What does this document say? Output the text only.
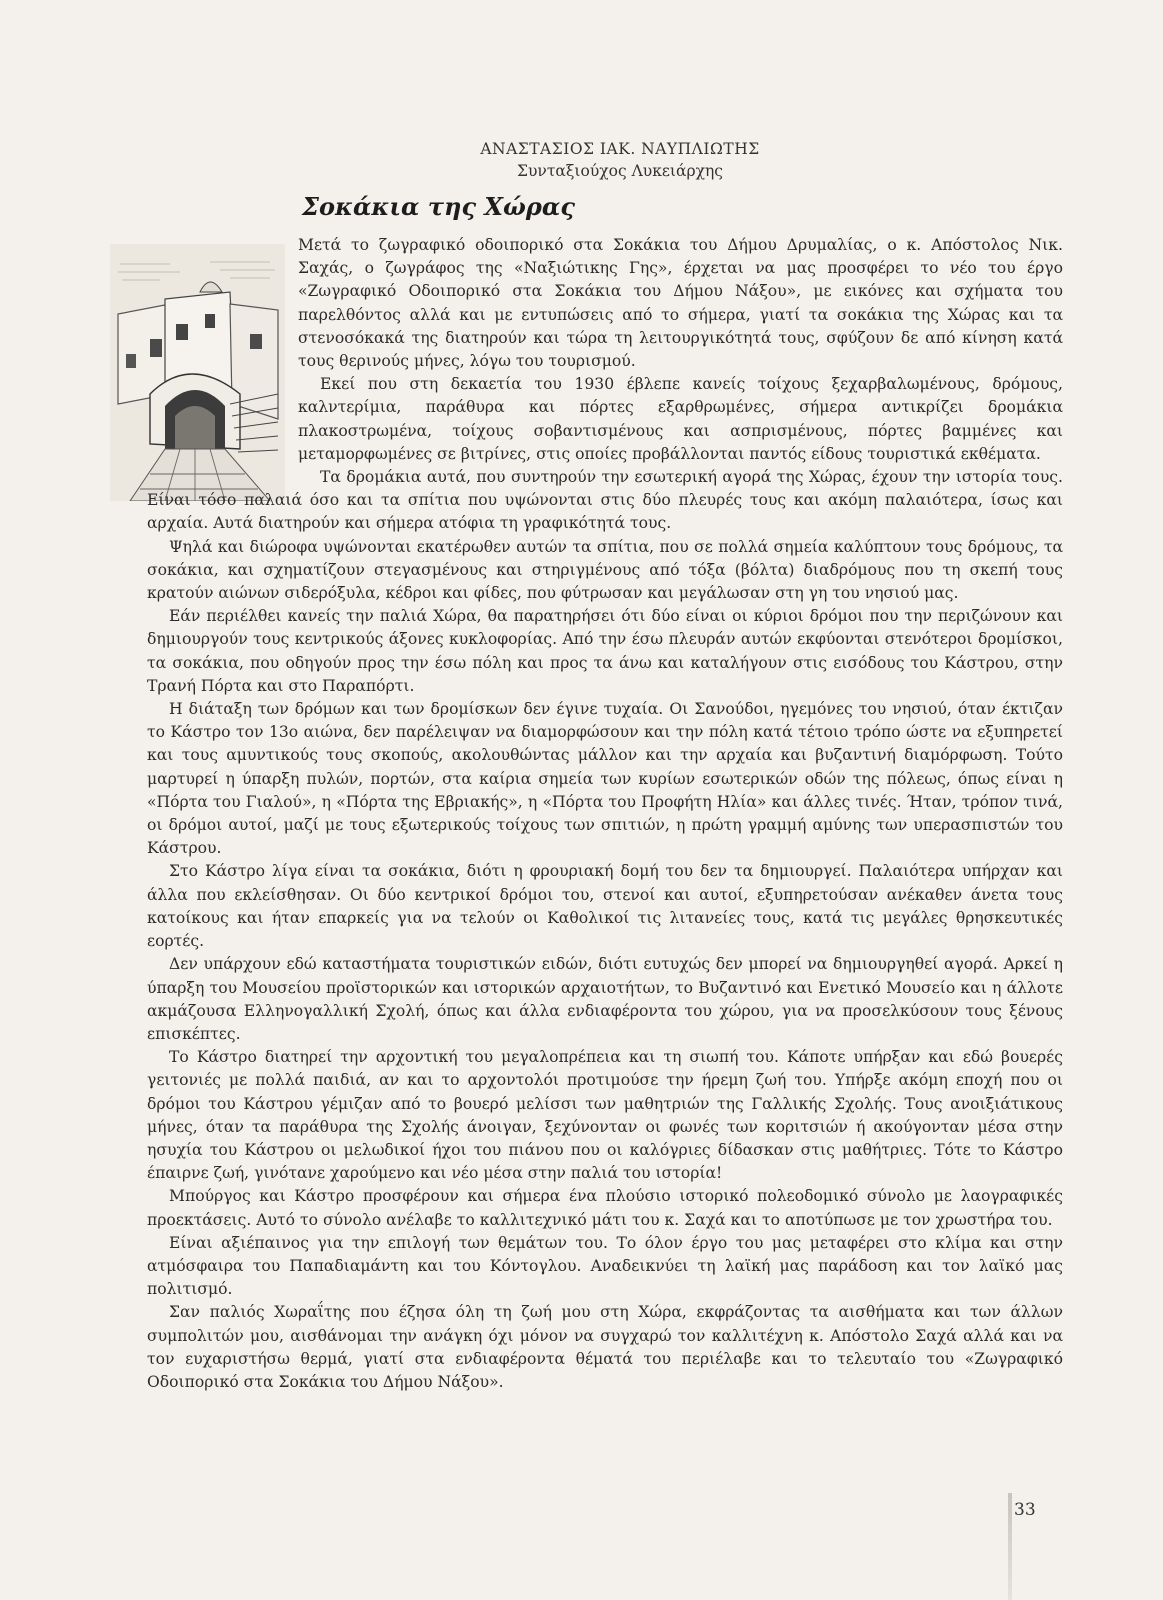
ΑΝΑΣΤΑΣΙΟΣ ΙΑΚ. ΝΑΥΠΛΙΩΤΗΣ
Συνταξιούχος Λυκειάρχης
Σοκάκια της Χώρας

Μετά το ζωγραφικό οδοιπορικό στα Σοκάκια του Δήμου Δρυμαλίας, ο κ. Απόστολος Νικ. Σαχάς, ο ζωγράφος της «Ναξιώτικης Γης», έρχεται να μας προσφέρει το νέο του έργο «Ζωγραφικό Οδοιπορικό στα Σοκάκια του Δήμου Νάξου», με εικόνες και σχήματα του παρελθόντος αλλά και με εντυπώσεις από το σήμερα, γιατί τα σοκάκια της Χώρας και τα στενοσόκακά της διατηρούν και τώρα τη λειτουργικότητά τους, σφύζουν δε από κίνηση κατά τους θερινούς μήνες, λόγω του τουρισμού.

Εκεί που στη δεκαετία του 1930 έβλεπε κανείς τοίχους ξεχαρβαλωμένους, δρόμους, καλντερίμια, παράθυρα και πόρτες εξαρθρωμένες, σήμερα αντικρίζει δρομάκια πλακοστρωμένα, τοίχους σοβαντισμένους και ασπρισμένους, πόρτες βαμμένες και μεταμορφωμένες σε βιτρίνες, στις οποίες προβάλλονται παντός είδους τουριστικά εκθέματα.

Τα δρομάκια αυτά, που συντηρούν την εσωτερική αγορά της Χώρας, έχουν την ιστορία τους. Είναι τόσο παλαιά όσο και τα σπίτια που υψώνονται στις δύο πλευρές τους και ακόμη παλαιότερα, ίσως και αρχαία. Αυτά διατηρούν και σήμερα ατόφια τη γραφικότητά τους.

Ψηλά και διώροφα υψώνονται εκατέρωθεν αυτών τα σπίτια, που σε πολλά σημεία καλύπτουν τους δρόμους, τα σοκάκια, και σχηματίζουν στεγασμένους και στηριγμένους από τόξα (βόλτα) διαδρόμους που τη σκεπή τους κρατούν αιώνων σιδερόξυλα, κέδροι και φίδες, που φύτρωσαν και μεγάλωσαν στη γη του νησιού μας.

Εάν περιέλθει κανείς την παλιά Χώρα, θα παρατηρήσει ότι δύο είναι οι κύριοι δρόμοι που την περιζώνουν και δημιουργούν τους κεντρικούς άξονες κυκλοφορίας. Από την έσω πλευράν αυτών εκφύονται στενότεροι δρομίσκοι, τα σοκάκια, που οδηγούν προς την έσω πόλη και προς τα άνω και καταλήγουν στις εισόδους του Κάστρου, στην Τρανή Πόρτα και στο Παραπόρτι.

Η διάταξη των δρόμων και των δρομίσκων δεν έγινε τυχαία. Οι Σανούδοι, ηγεμόνες του νησιού, όταν έκτιζαν το Κάστρο τον 13ο αιώνα, δεν παρέλειψαν να διαμορφώσουν και την πόλη κατά τέτοιο τρόπο ώστε να εξυπηρετεί και τους αμυντικούς τους σκοπούς, ακολουθώντας μάλλον και την αρχαία και βυζαντινή διαμόρφωση. Τούτο μαρτυρεί η ύπαρξη πυλών, πορτών, στα καίρια σημεία των κυρίων εσωτερικών οδών της πόλεως, όπως είναι η «Πόρτα του Γιαλού», η «Πόρτα της Εβριακής», η «Πόρτα του Προφήτη Ηλία» και άλλες τινές. Ήταν, τρόπον τινά, οι δρόμοι αυτοί, μαζί με τους εξωτερικούς τοίχους των σπιτιών, η πρώτη γραμμή αμύνης των υπερασπιστών του Κάστρου.

Στο Κάστρο λίγα είναι τα σοκάκια, διότι η φρουριακή δομή του δεν τα δημιουργεί. Παλαιότερα υπήρχαν και άλλα που εκλείσθησαν. Οι δύο κεντρικοί δρόμοι του, στενοί και αυτοί, εξυπηρετούσαν ανέκαθεν άνετα τους κατοίκους και ήταν επαρκείς για να τελούν οι Καθολικοί τις λιτανείες τους, κατά τις μεγάλες θρησκευτικές εορτές.

Δεν υπάρχουν εδώ καταστήματα τουριστικών ειδών, διότι ευτυχώς δεν μπορεί να δημιουργηθεί αγορά. Αρκεί η ύπαρξη του Μουσείου προϊστορικών και ιστορικών αρχαιοτήτων, το Βυζαντινό και Ενετικό Μουσείο και η άλλοτε ακμάζουσα Ελληνογαλλική Σχολή, όπως και άλλα ενδιαφέροντα του χώρου, για να προσελκύσουν τους ξένους επισκέπτες.

Το Κάστρο διατηρεί την αρχοντική του μεγαλοπρέπεια και τη σιωπή του. Κάποτε υπήρξαν και εδώ βουερές γειτονιές με πολλά παιδιά, αν και το αρχοντολόι προτιμούσε την ήρεμη ζωή του. Υπήρξε ακόμη εποχή που οι δρόμοι του Κάστρου γέμιζαν από το βουερό μελίσσι των μαθητριών της Γαλλικής Σχολής. Τους ανοιξιάτικους μήνες, όταν τα παράθυρα της Σχολής άνοιγαν, ξεχύνονταν οι φωνές των κοριτσιών ή ακούγονταν μέσα στην ησυχία του Κάστρου οι μελωδικοί ήχοι του πιάνου που οι καλόγριες δίδασκαν στις μαθήτριες. Τότε το Κάστρο έπαιρνε ζωή, γινότανε χαρούμενο και νέο μέσα στην παλιά του ιστορία!

Μπούργος και Κάστρο προσφέρουν και σήμερα ένα πλούσιο ιστορικό πολεοδομικό σύνολο με λαογραφικές προεκτάσεις. Αυτό το σύνολο ανέλαβε το καλλιτεχνικό μάτι του κ. Σαχά και το αποτύπωσε με τον χρωστήρα του.

Είναι αξιέπαινος για την επιλογή των θεμάτων του. Το όλον έργο του μας μεταφέρει στο κλίμα και στην ατμόσφαιρα του Παπαδιαμάντη και του Κόντογλου. Αναδεικνύει τη λαϊκή μας παράδοση και τον λαϊκό μας πολιτισμό.

Σαν παλιός Χωραΐτης που έζησα όλη τη ζωή μου στη Χώρα, εκφράζοντας τα αισθήματα και των άλλων συμπολιτών μου, αισθάνομαι την ανάγκη όχι μόνον να συγχαρώ τον καλλιτέχνη κ. Απόστολο Σαχά αλλά και να τον ευχαριστήσω θερμά, γιατί στα ενδιαφέροντα θέματά του περιέλαβε και το τελευταίο του «Ζωγραφικό Οδοιπορικό στα Σοκάκια του Δήμου Νάξου».

33
